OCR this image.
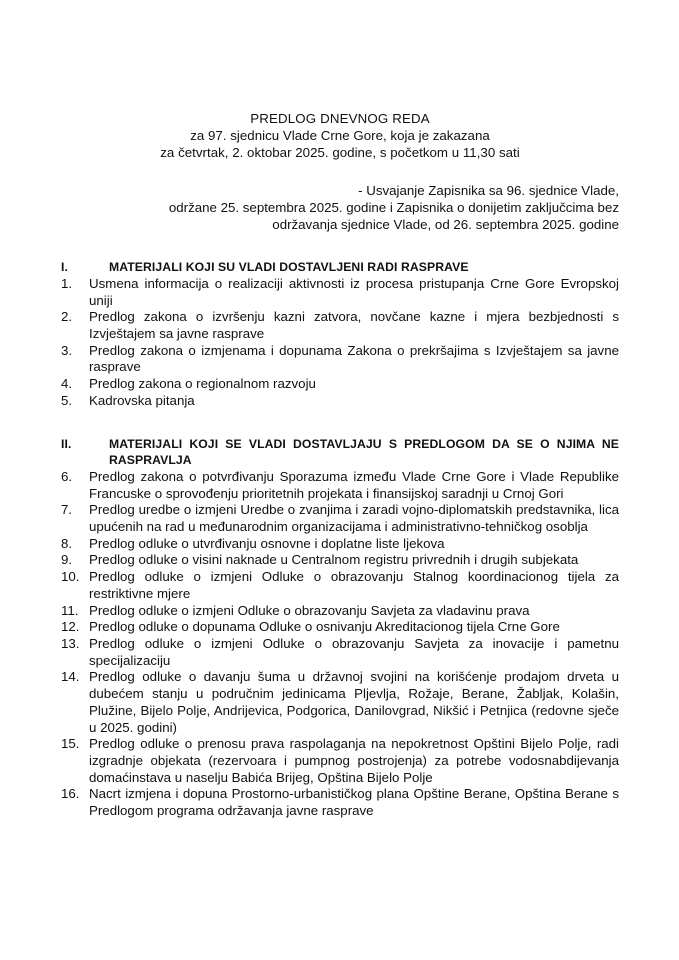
PREDLOG DNEVNOG REDA
za 97. sjednicu Vlade Crne Gore, koja je zakazana
za četvrtak, 2. oktobar 2025. godine, s početkom u 11,30 sati
- Usvajanje Zapisnika sa 96. sjednice Vlade,
održane 25. septembra 2025. godine i Zapisnika o donijetim zaključcima bez
održavanja sjednice Vlade, od 26. septembra 2025. godine
I.	MATERIJALI KOJI SU VLADI DOSTAVLJENI RADI RASPRAVE
1.	Usmena informacija o realizaciji aktivnosti iz procesa pristupanja Crne Gore Evropskoj uniji
2.	Predlog zakona o izvršenju kazni zatvora, novčane kazne i mjera bezbjednosti s Izvještajem sa javne rasprave
3.	Predlog zakona o izmjenama i dopunama Zakona o prekršajima s Izvještajem sa javne rasprave
4.	Predlog zakona o regionalnom razvoju
5.	Kadrovska pitanja
II.	MATERIJALI KOJI SE VLADI DOSTAVLJAJU S PREDLOGOM DA SE O NJIMA NE
RASPRAVLJA
6.	Predlog zakona o potvrđivanju Sporazuma između Vlade Crne Gore i Vlade Republike Francuske o sprovođenju prioritetnih projekata i finansijskoj saradnji u Crnoj Gori
7.	Predlog uredbe o izmjeni Uredbe o zvanjima i zaradi vojno-diplomatskih predstavnika, lica upućenih na rad u međunarodnim organizacijama i administrativno-tehničkog osoblja
8.	Predlog odluke o utvrđivanju osnovne i doplatne liste ljekova
9.	Predlog odluke o visini naknade u Centralnom registru privrednih i drugih subjekata
10. Predlog odluke o izmjeni Odluke o obrazovanju Stalnog koordinacionog tijela za restriktivne mjere
11. Predlog odluke o izmjeni Odluke o obrazovanju Savjeta za vladavinu prava
12. Predlog odluke o dopunama Odluke o osnivanju Akreditacionog tijela Crne Gore
13. Predlog odluke o izmjeni Odluke o obrazovanju Savjeta za inovacije i pametnu specijalizaciju
14. Predlog odluke o davanju šuma u državnoj svojini na korišćenje prodajom drveta u dubećem stanju u područnim jedinicama Pljevlja, Rožaje, Berane, Žabljak, Kolašin, Plužine, Bijelo Polje, Andrijevica, Podgorica, Danilovgrad, Nikšić i Petnjica (redovne sječe u 2025. godini)
15. Predlog odluke o prenosu prava raspolaganja na nepokretnost Opštini Bijelo Polje, radi izgradnje objekata (rezervoara i pumpnog postrojenja) za potrebe vodosnabdijevanja domaćinstava u naselju Babića Brijeg, Opština Bijelo Polje
16. Nacrt izmjena i dopuna Prostorno-urbanističkog plana Opštine Berane, Opština Berane s Predlogom programa održavanja javne rasprave
